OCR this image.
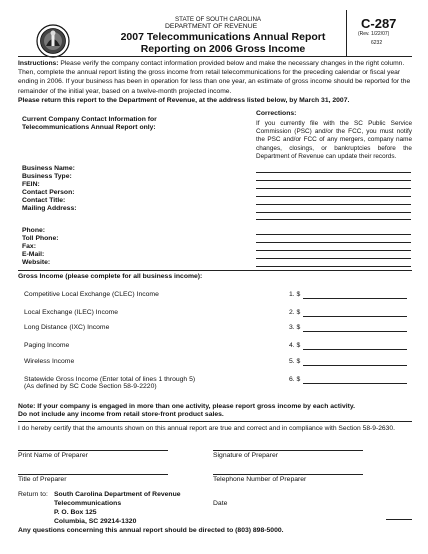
STATE OF SOUTH CAROLINA
DEPARTMENT OF REVENUE
2007 Telecommunications Annual Report
Reporting on 2006 Gross Income
C-287
(Rev. 1/22/07)
6232
Instructions: Please verify the company contact information provided below and make the necessary changes in the right column. Then, complete the annual report listing the gross income from retail telecommunications for the preceding calendar or fiscal year ending in 2006. If your business has been in operation for less than one year, an estimate of gross income should be reported for the remainder of the initial year, based on a twelve-month projected income.
Please return this report to the Department of Revenue, at the address listed below, by March 31, 2007.
Current Company Contact Information for
Telecommunications Annual Report only:
Corrections:
If you currently file with the SC Public Service Commission (PSC) and/or the FCC, you must notify the PSC and/or FCC of any mergers, company name changes, closings, or bankruptcies before the Department of Revenue can update their records.
Business Name:
Business Type:
FEIN:
Contact Person:
Contact Title:
Mailing Address:
Phone:
Toll Phone:
Fax:
E-Mail:
Website:
Gross Income (please complete for all business income):
Competitive Local Exchange (CLEC) Income	1. $
Local Exchange (ILEC) Income	2. $
Long Distance (IXC) Income	3. $
Paging Income	4. $
Wireless Income	5. $
Statewide Gross Income (Enter total of lines 1 through 5)	6. $
(As defined by SC Code Section 58-9-2220)
Note: If your company is engaged in more than one activity, please report gross income by each activity.
Do not include any income from retail store-front product sales.
I do hereby certify that the amounts shown on this annual report are true and correct and in compliance with Section 58-9-2630.
Print Name of Preparer	Signature of Preparer
Title of Preparer	Telephone Number of Preparer
Return to: South Carolina Department of Revenue
Telecommunications
P. O. Box 125
Columbia, SC 29214-1320
Date
Any questions concerning this annual report should be directed to (803) 898-5000.
